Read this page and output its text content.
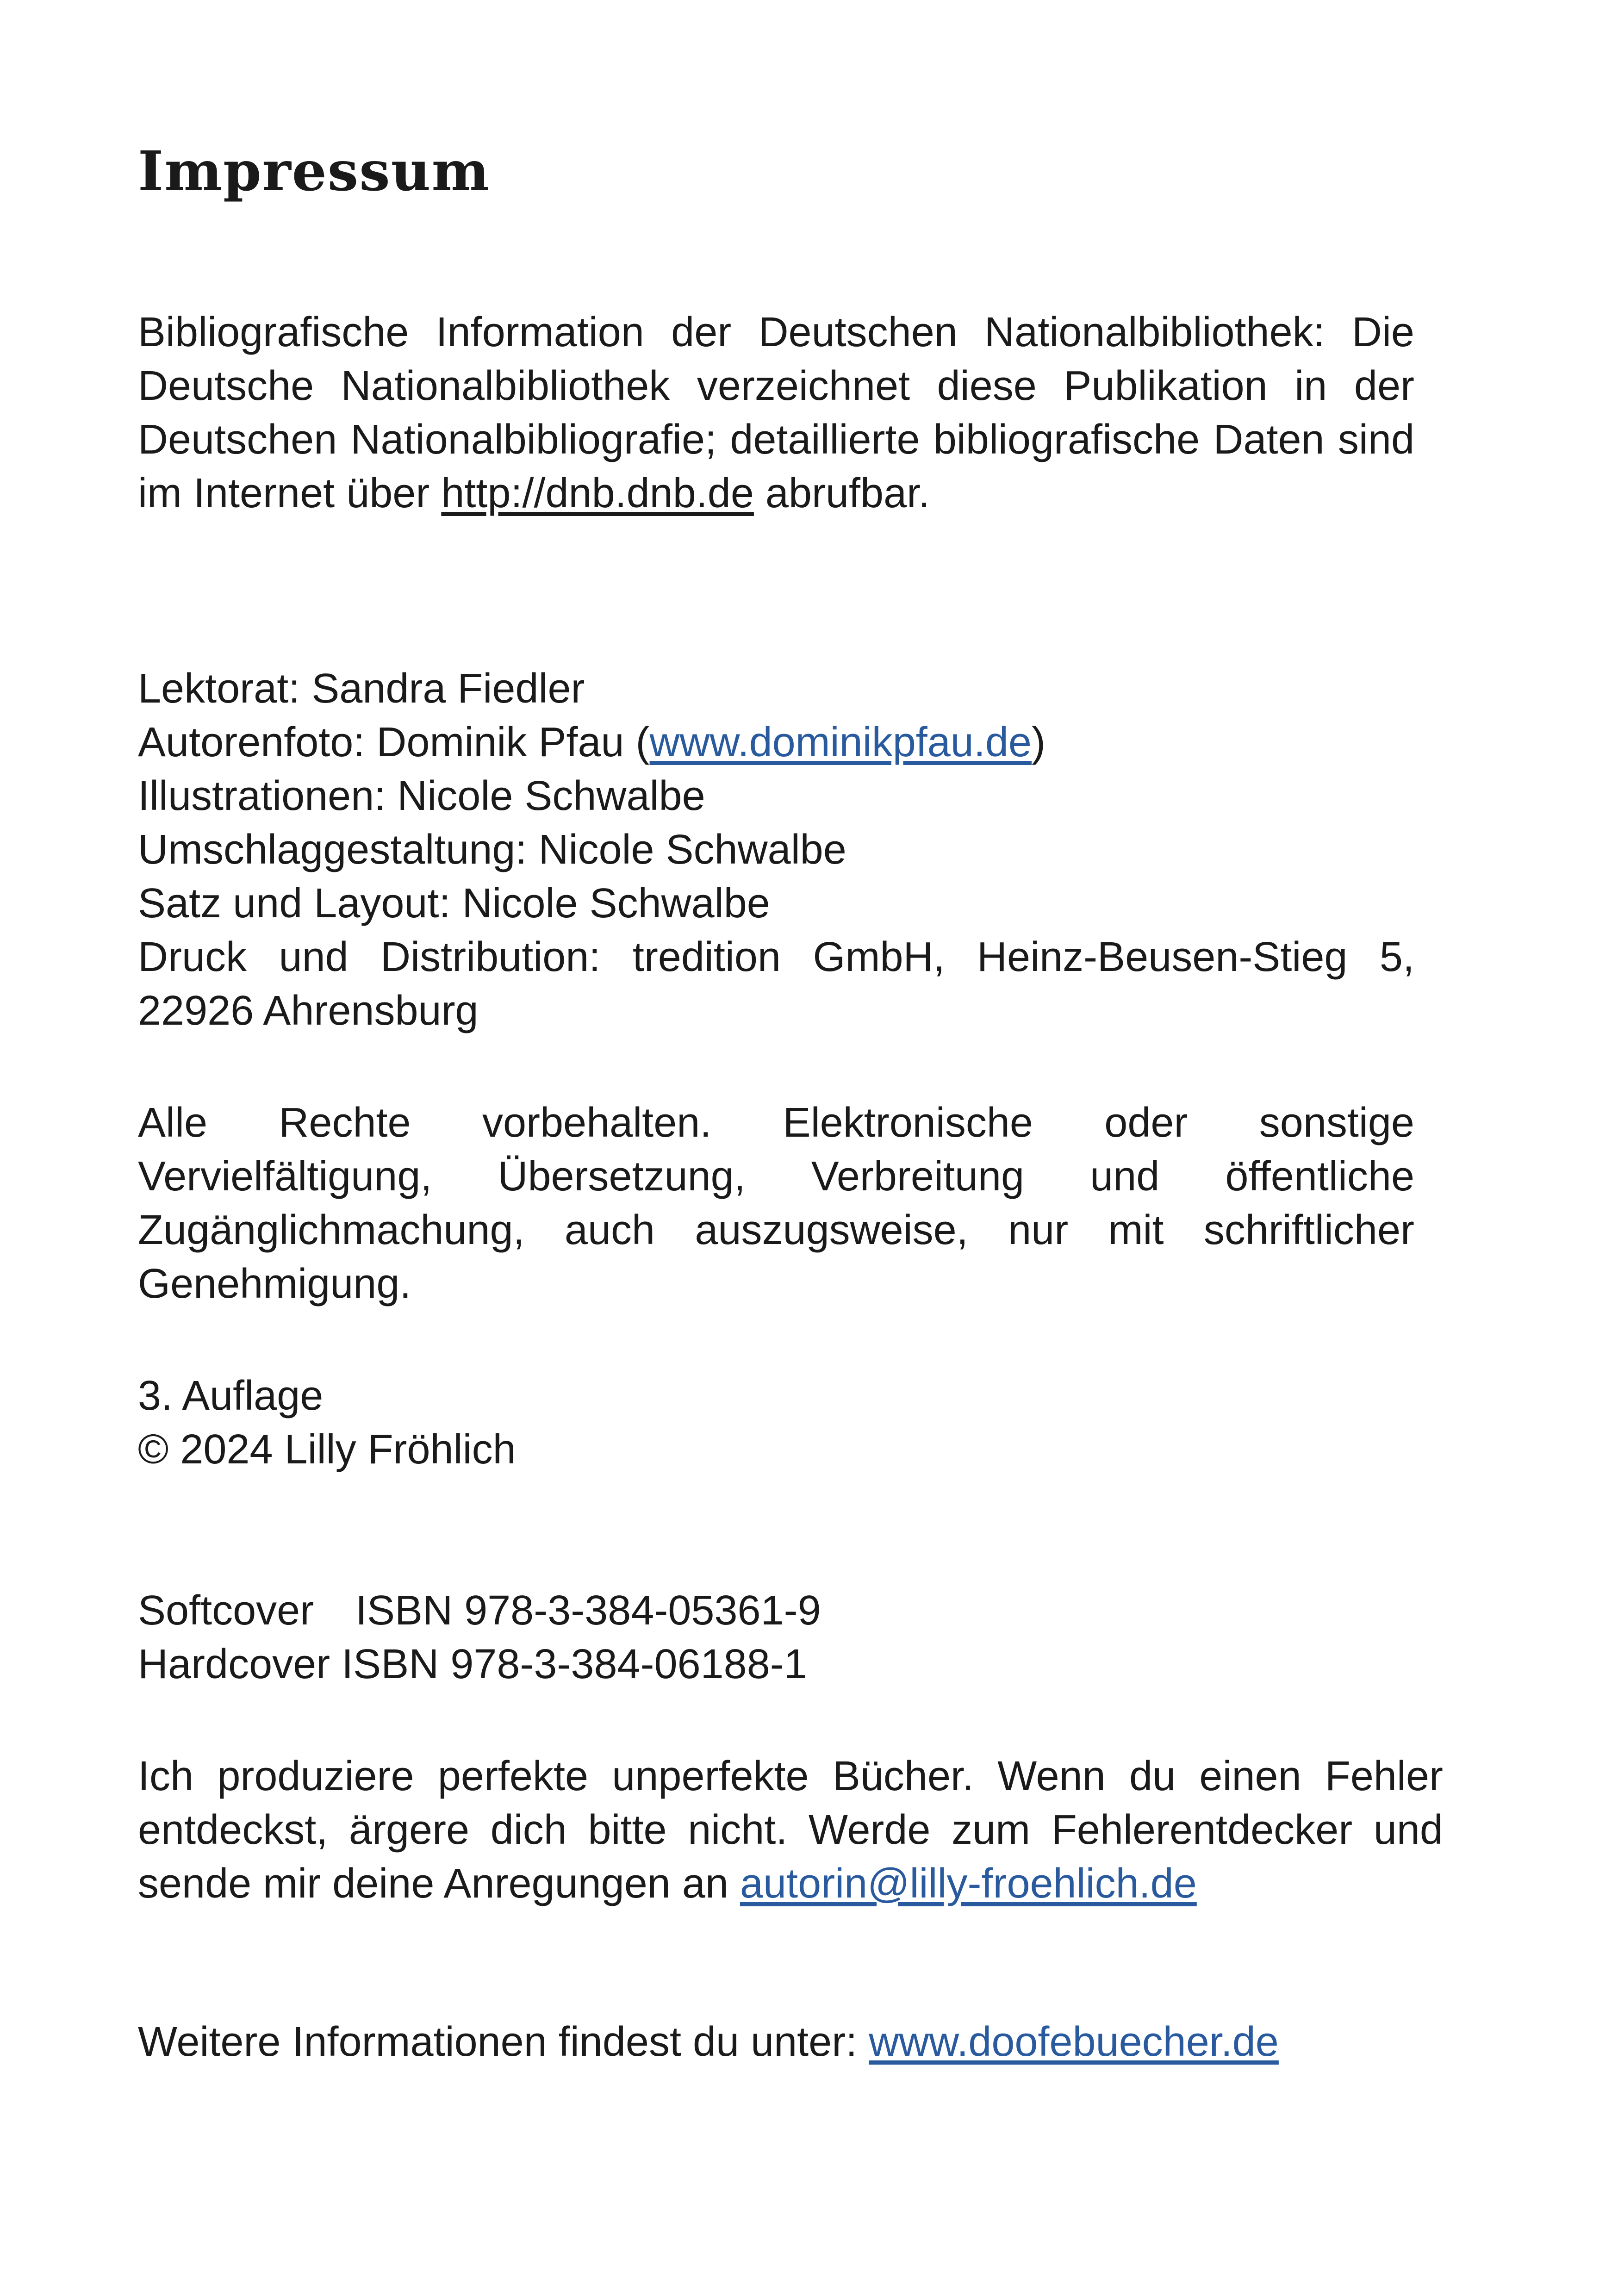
Impressum
Bibliografische Information der Deutschen Nationalbibliothek: Die Deutsche Nationalbibliothek verzeichnet diese Publikation in der Deutschen Nationalbibliografie; detaillierte bibliografische Daten sind im Internet über http://dnb.dnb.de abrufbar.

Lektorat: Sandra Fiedler

Autorenfoto: Dominik Pfau (www.dominikpfau.de)

Illustrationen: Nicole Schwalbe

Umschlaggestaltung: Nicole Schwalbe

Satz und Layout: Nicole Schwalbe

Druck und Distribution: tredition GmbH, Heinz-Beusen-Stieg 5, 22926 Ahrensburg

Alle Rechte vorbehalten. Elektronische oder sonstige Vervielfältigung, Übersetzung, Verbreitung und öffentliche Zugänglichmachung, auch auszugsweise, nur mit schriftlicher Genehmigung.

3. Auflage

© 2024 Lilly Fröhlich

Softcover ISBN 978-3-384-05361-9

Hardcover ISBN 978-3-384-06188-1

Ich produziere perfekte unperfekte Bücher. Wenn du einen Fehler entdeckst, ärgere dich bitte nicht. Werde zum Fehlerentdecker und sende mir deine Anregungen an autorin@lilly-froehlich.de
Weitere Informationen findest du unter: www.doofebuecher.de
